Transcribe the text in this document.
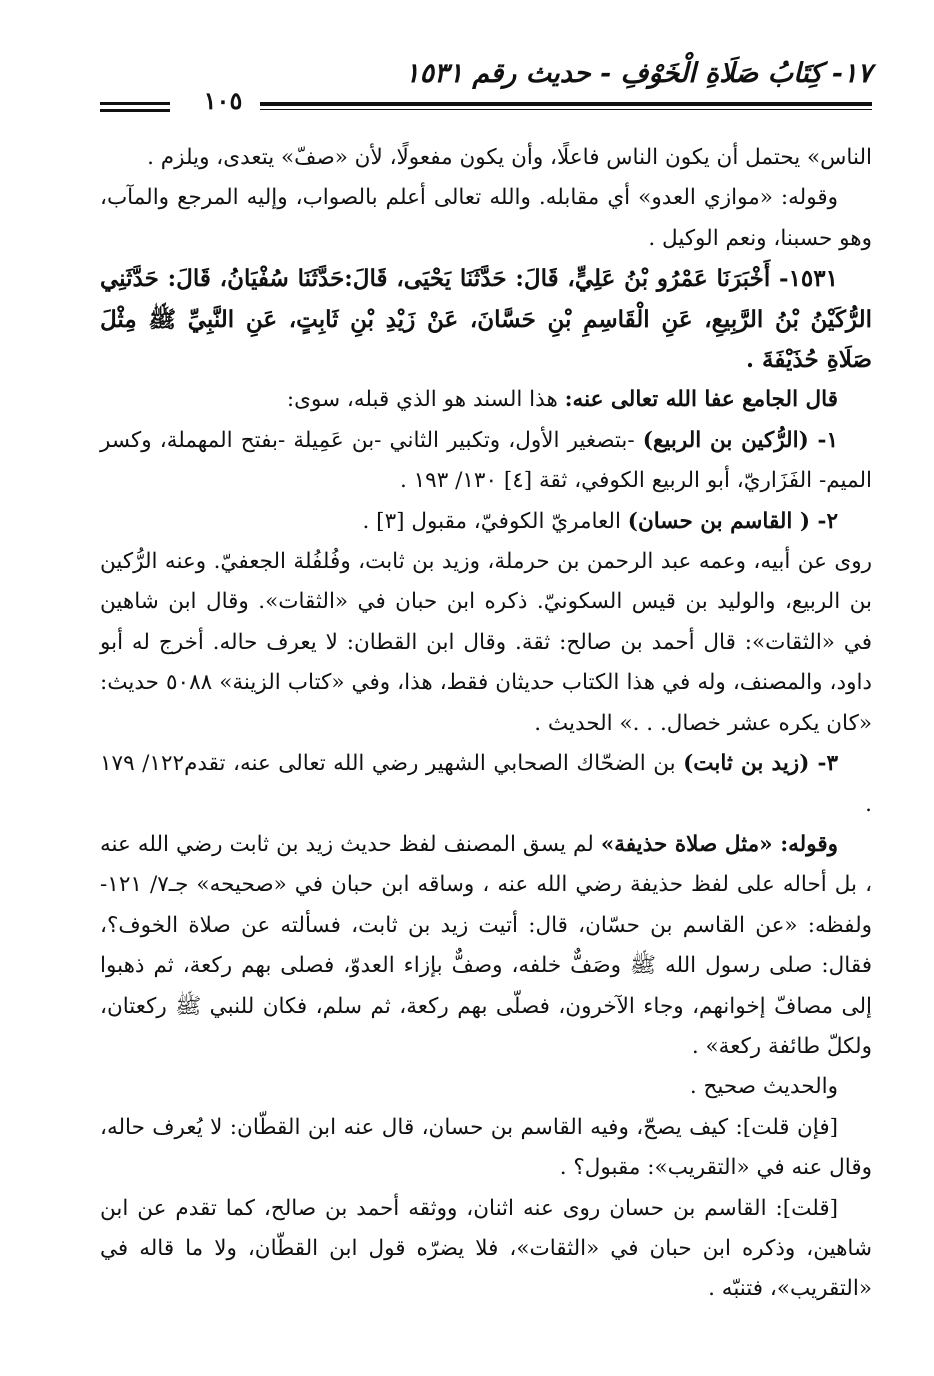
١٧- كِتَابُ صَلَاةِ الْخَوْفِ - حديث رقم ١٥٣١
١٠٥

الناس» يحتمل أن يكون الناس فاعلًا، وأن يكون مفعولًا، لأن «صفّ» يتعدى، ويلزم .

وقوله: «موازي العدو» أي مقابله. والله تعالى أعلم بالصواب، وإليه المرجع والمآب، وهو حسبنا، ونعم الوكيل .

١٥٣١- أَخْبَرَنَا عَمْرُو بْنُ عَلِيٍّ، قَالَ: حَدَّثَنَا يَحْيَى، قَالَ:حَدَّثَنَا سُفْيَانُ، قَالَ: حَدَّثَنِي الرُّكَيْنُ بْنُ الرَّبِيعِ، عَنِ الْقَاسِمِ بْنِ حَسَّانَ، عَنْ زَيْدِ بْنِ ثَابِتٍ، عَنِ النَّبِيِّ ﷺ مِثْلَ صَلَاةِ حُذَيْفَةَ .

قال الجامع عفا الله تعالى عنه: هذا السند هو الذي قبله، سوى:

١- (الرُّكين بن الربيع) -بتصغير الأول، وتكبير الثاني -بن عَمِيلة -بفتح المهملة، وكسر الميم- الفَزَاريّ، أبو الربيع الكوفي، ثقة [٤] ١٣٠/ ١٩٣ .

٢- ( القاسم بن حسان) العامريّ الكوفيّ، مقبول [٣] .

روى عن أبيه، وعمه عبد الرحمن بن حرملة، وزيد بن ثابت، وفُلفُلة الجعفيّ. وعنه الرُّكين بن الربيع، والوليد بن قيس السكونيّ. ذكره ابن حبان في «الثقات». وقال ابن شاهين في «الثقات»: قال أحمد بن صالح: ثقة. وقال ابن القطان: لا يعرف حاله. أخرج له أبو داود، والمصنف، وله في هذا الكتاب حديثان فقط، هذا، وفي «كتاب الزينة» ٥٠٨٨ حديث: «كان يكره عشر خصال. . .» الحديث .

٣- (زيد بن ثابت) بن الضحّاك الصحابي الشهير رضي الله تعالى عنه، تقدم١٢٢/ ١٧٩ .

وقوله: «مثل صلاة حذيفة» لم يسق المصنف لفظ حديث زيد بن ثابت رضي الله عنه ، بل أحاله على لفظ حذيفة رضي الله عنه ، وساقه ابن حبان في «صحيحه» جـ٧/ ١٢١- ولفظه: «عن القاسم بن حسّان، قال: أتيت زيد بن ثابت، فسألته عن صلاة الخوف؟، فقال: صلى رسول الله ﷺ وصَفٌّ خلفه، وصفٌّ بإزاء العدوّ، فصلى بهم ركعة، ثم ذهبوا إلى مصافّ إخوانهم، وجاء الآخرون، فصلّى بهم ركعة، ثم سلم، فكان للنبي ﷺ ركعتان، ولكلّ طائفة ركعة» .

والحديث صحيح .

[فإن قلت]: كيف يصحّ، وفيه القاسم بن حسان، قال عنه ابن القطّان: لا يُعرف حاله، وقال عنه في «التقريب»: مقبول؟ .

[قلت]: القاسم بن حسان روى عنه اثنان، ووثقه أحمد بن صالح، كما تقدم عن ابن شاهين، وذكره ابن حبان في «الثقات»، فلا يضرّه قول ابن القطّان، ولا ما قاله في «التقريب»، فتنبّه .
